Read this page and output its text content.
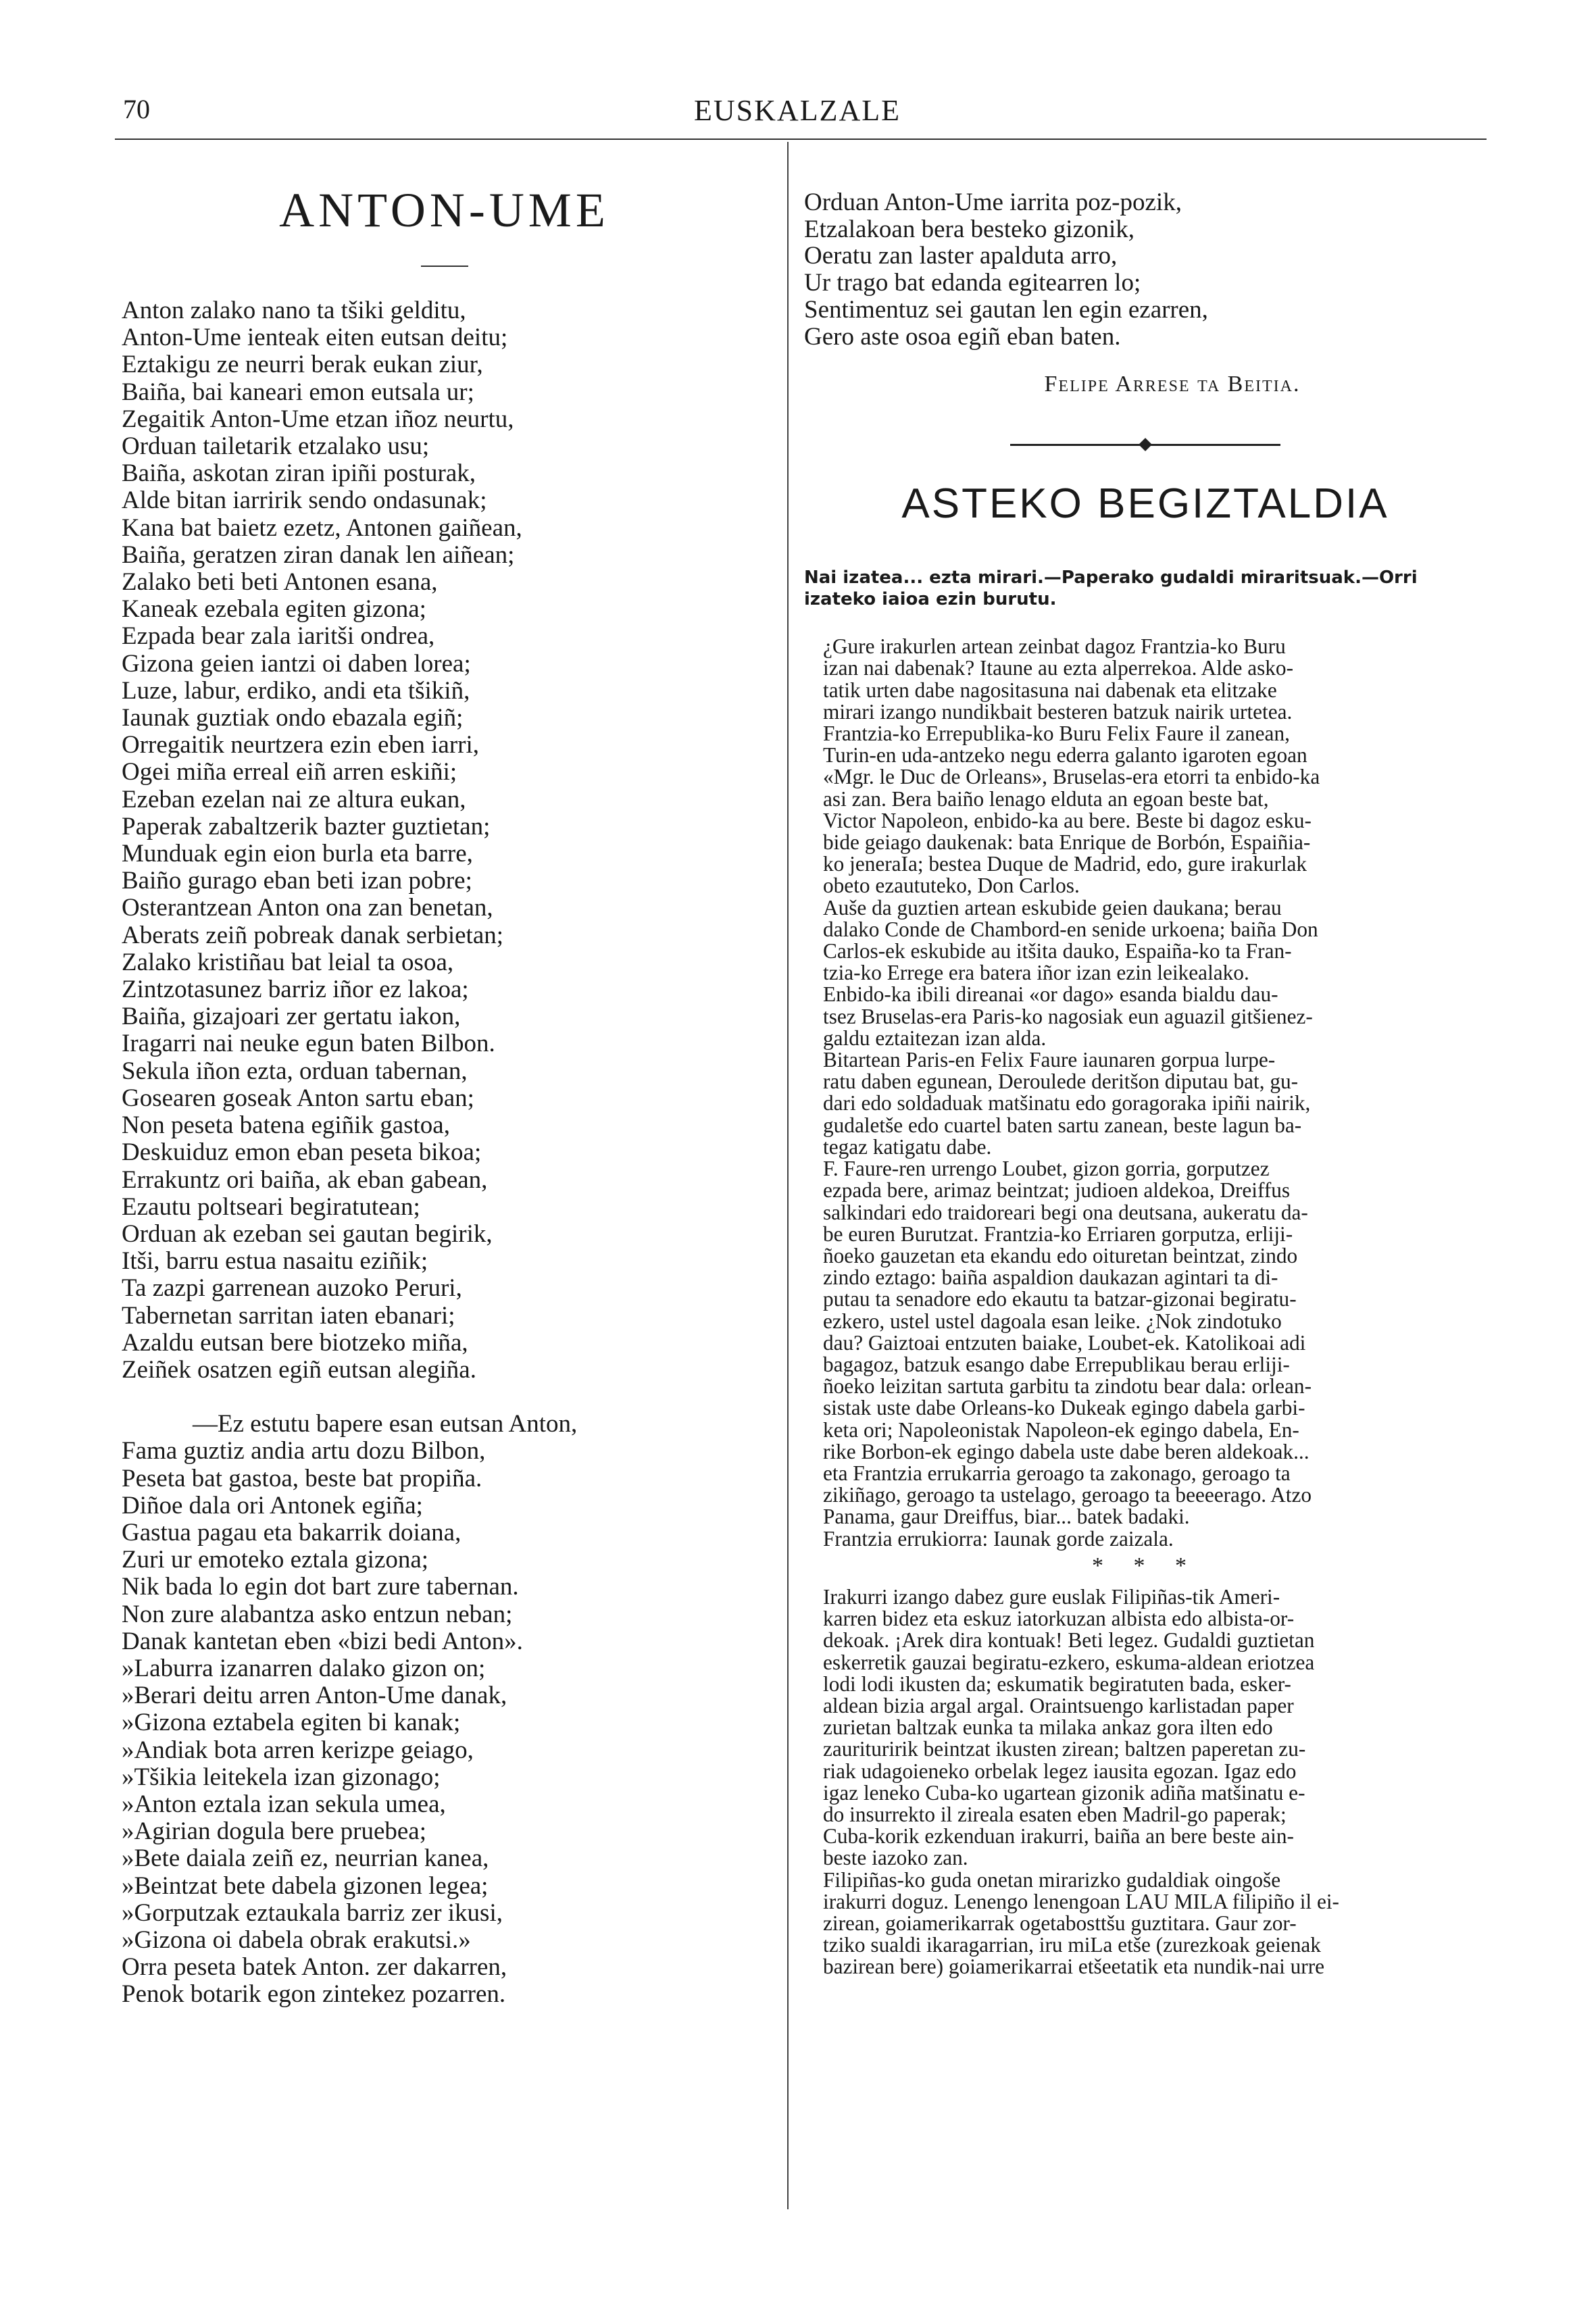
70	EUSKALZALE
ANTON-UME
Anton zalako nano ta tšiki gelditu,
Anton-Ume ienteak eiten eutsan deitu;
Eztakigu ze neurri berak eukan ziur,
Baiña, bai kaneari emon eutsala ur;
Zegaitik Anton-Ume etzan iñoz neurtu,
Orduan tailetarik etzalako usu;
Baiña, askotan ziran ipiñi posturak,
Alde bitan iarririk sendo ondasunak;
Kana bat baietz ezetz, Antonen gaiñean,
Baiña, geratzen ziran danak len aiñean;
Zalako beti beti Antonen esana,
Kaneak ezebala egiten gizona;
Ezpada bear zala iaritši ondrea,
Gizona geien iantzi oi daben lorea;
Luze, labur, erdiko, andi eta tšikiñ,
Iaunak guztiak ondo ebazala egiñ;
Orregaitik neurtzera ezin eben iarri,
Ogei miña erreal eiñ arren eskiñi;
Ezeban ezelan nai ze altura eukan,
Paperak zabaltzerik bazter guztietan;
Munduak egin eion burla eta barre,
Baiño gurago eban beti izan pobre;
Osterantzean Anton ona zan benetan,
Aberats zeiñ pobreak danak serbietan;
Zalako kristiñau bat leial ta osoa,
Zintzotasunez barriz iñor ez lakoa;
Baiña, gizajoari zer gertatu iakon,
Iragarri nai neuke egun baten Bilbon.
Sekula iñon ezta, orduan tabernan,
Gosearen goseak Anton sartu eban;
Non peseta batena egiñik gastoa,
Deskuiduz emon eban peseta bikoa;
Errakuntz ori baiña, ak eban gabean,
Ezautu poltseari begiratutean;
Orduan ak ezeban sei gautan begirik,
Itši, barru estua nasaitu eziñik;
Ta zazpi garrenean auzoko Peruri,
Tabernetan sarritan iaten ebanari;
Azaldu eutsan bere biotzeko miña,
Zeiñek osatzen egiñ eutsan alegiña.
—Ez estutu bapere esan eutsan Anton,
Fama guztiz andia artu dozu Bilbon,
Peseta bat gastoa, beste bat propiña.
Diñoe dala ori Antonek egiña;
Gastua pagau eta bakarrik doiana,
Zuri ur emoteko eztala gizona;
Nik bada lo egin dot bart zure tabernan.
Non zure alabantza asko entzun neban;
Danak kantetan eben «bizi bedi Anton».
»Laburra izanarren dalako gizon on;
»Berari deitu arren Anton-Ume danak,
»Gizona eztabela egiten bi kanak;
»Andiak bota arren kerizpe geiago,
»Tšikia leitekela izan gizonago;
»Anton eztala izan sekula umea,
»Agirian dogula bere pruebea;
»Bete daiala zeiñ ez, neurrian kanea,
»Beintzat bete dabela gizonen legea;
»Gorputzak eztaukala barriz zer ikusi,
»Gizona oi dabela obrak erakutsi.»
Orra peseta batek Anton. zer dakarren,
Penok botarik egon zintekez pozarren.
Orduan Anton-Ume iarrita poz-pozik,
Etzalakoan bera besteko gizonik,
Oeratu zan laster apalduta arro,
Ur trago bat edanda egitearren lo;
Sentimentuz sei gautan len egin ezarren,
Gero aste osoa egiñ eban baten.
Felipe Arrese ta Beitia.
ASTEKO BEGIZTALDIA
Nai izatea... ezta mirari.—Paperako gudaldi miraritsuak.—Orri
izateko iaioa ezin burutu.

¿Gure irakurlen artean zeinbat dagoz Frantzia-ko Buru
izan nai dabenak? Itaune au ezta alperrekoa. Alde asko-
tatik urten dabe nagositasuna nai dabenak eta elitzake
mirari izango nundikbait besteren batzuk nairik urtetea.
Frantzia-ko Errepublika-ko Buru Felix Faure il zanean,
Turin-en uda-antzeko negu ederra galanto igaroten egoan
«Mgr. le Duc de Orleans», Bruselas-era etorri ta enbido-ka
asi zan. Bera baiño lenago elduta an egoan beste bat,
Victor Napoleon, enbido-ka au bere. Beste bi dagoz esku-
bide geiago daukenak: bata Enrique de Borbón, Espaiñia-
ko jeneraIa; bestea Duque de Madrid, edo, gure irakurlak
obeto ezaututeko, Don Carlos.

Auše da guztien artean eskubide geien daukana; berau
dalako Conde de Chambord-en senide urkoena; baiña Don
Carlos-ek eskubide au itšita dauko, Espaiña-ko ta Fran-
tzia-ko Errege era batera iñor izan ezin leikealako.

Enbido-ka ibili direanai «or dago» esanda bialdu dau-
tsez Bruselas-era Paris-ko nagosiak eun aguazil gitšienez-
galdu eztaitezan izan alda.

Bitartean Paris-en Felix Faure iaunaren gorpua lurpe-
ratu daben egunean, Deroulede deritšon diputau bat, gu-
dari edo soldaduak matšinatu edo goragoraka ipiñi nairik,
gudaletše edo cuartel baten sartu zanean, beste lagun ba-
tegaz katigatu dabe.

F. Faure-ren urrengo Loubet, gizon gorria, gorputzez
ezpada bere, arimaz beintzat; judioen aldekoa, Dreiffus
salkindari edo traidoreari begi ona deutsana, aukeratu da-
be euren Burutzat. Frantzia-ko Erriaren gorputza, erliji-
ñoeko gauzetan eta ekandu edo oituretan beintzat, zindo
zindo eztago: baiña aspaldion daukazan agintari ta di-
putau ta senadore edo ekautu ta batzar-gizonai begiratu-
ezkero, ustel ustel dagoala esan leike. ¿Nok zindotuko
dau? Gaiztoai entzuten baiake, Loubet-ek. Katolikoai adi
bagagoz, batzuk esango dabe Errepublikau berau erliji-
ñoeko leizitan sartuta garbitu ta zindotu bear dala: orlean-
sistak uste dabe Orleans-ko Dukeak egingo dabela garbi-
keta ori; Napoleonistak Napoleon-ek egingo dabela, En-
rike Borbon-ek egingo dabela uste dabe beren aldekoak...
eta Frantzia errukarria geroago ta zakonago, geroago ta
zikiñago, geroago ta ustelago, geroago ta beeeerago. Atzo
Panama, gaur Dreiffus, biar... batek badaki.

Frantzia errukiorra: Iaunak gorde zaizala.

* * *

Irakurri izango dabez gure euslak Filipiñas-tik Ameri-
karren bidez eta eskuz iatorkuzan albista edo albista-or-
dekoak. ¡Arek dira kontuak! Beti legez. Gudaldi guztietan
eskerretik gauzai begiratu-ezkero, eskuma-aldean eriotzea
lodi lodi ikusten da; eskumatik begiratuten bada, esker-
aldean bizia argal argal. Oraintsuengo karlistadan paper
zurietan baltzak eunka ta milaka ankaz gora ilten edo
zaurituririk beintzat ikusten zirean; baltzen paperetan zu-
riak udagoieneko orbelak legez iausita egozan. Igaz edo
igaz leneko Cuba-ko ugartean gizonik adiña matšinatu e-
do insurrekto il zireala esaten eben Madril-go paperak;
Cuba-korik ezkenduan irakurri, baiña an bere beste ain-
beste iazoko zan.

Filipiñas-ko guda onetan mirarizko gudaldiak oingoše
irakurri doguz. Lenengo lenengoan LAU MILA filipiño il ei-
zirean, goiamerikarrak ogetabosttšu guztitara. Gaur zor-
tziko sualdi ikaragarrian, iru miLa etše (zurezkoak geienak
bazirean bere) goiamerikarrai etšeetatik eta nundik-nai urre
